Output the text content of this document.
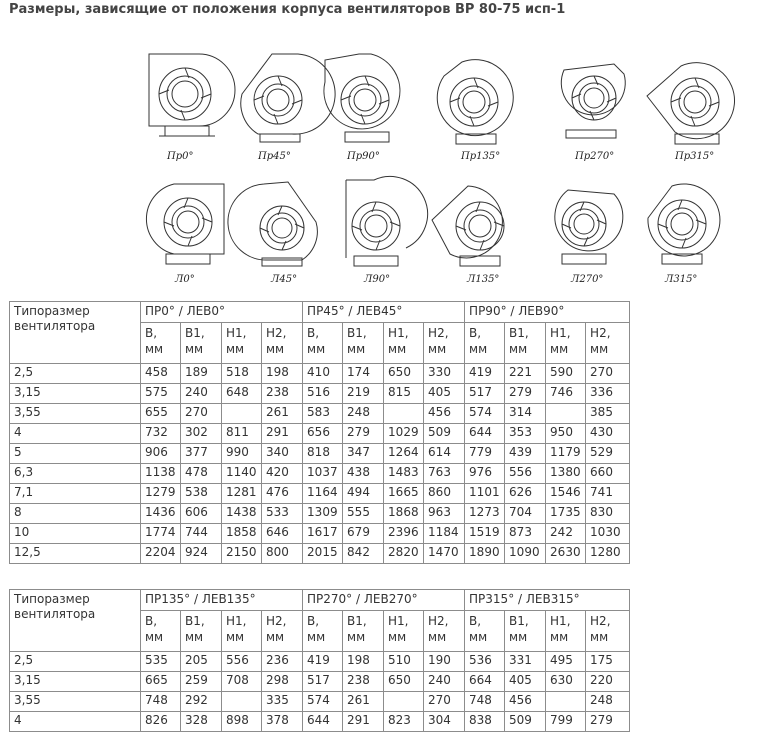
Размеры, зависящие от положения корпуса вентиляторов ВР 80-75 исп-1
Пр0°	Пр45°	Пр90°	Пр135°	Пр270°	Пр315°
Л0°	Л45°	Л90°	Л135°	Л270°	Л315°
Типоразмер вентилятора	ПР0° / ЛЕВ0°				ПР45° / ЛЕВ45°				ПР90° / ЛЕВ90°			
	B, мм	B1, мм	H1, мм	H2, мм	B, мм	B1, мм	H1, мм	H2, мм	B, мм	B1, мм	H1, мм	H2, мм
2,5	458	189	518	198	410	174	650	330	419	221	590	270
3,15	575	240	648	238	516	219	815	405	517	279	746	336
3,55	655	270		261	583	248		456	574	314		385
4	732	302	811	291	656	279	1029	509	644	353	950	430
5	906	377	990	340	818	347	1264	614	779	439	1179	529
6,3	1138	478	1140	420	1037	438	1483	763	976	556	1380	660
7,1	1279	538	1281	476	1164	494	1665	860	1101	626	1546	741
8	1436	606	1438	533	1309	555	1868	963	1273	704	1735	830
10	1774	744	1858	646	1617	679	2396	1184	1519	873	242	1030
12,5	2204	924	2150	800	2015	842	2820	1470	1890	1090	2630	1280
Типоразмер вентилятора	ПР135° / ЛЕВ135°				ПР270° / ЛЕВ270°				ПР315° / ЛЕВ315°			
	B, мм	B1, мм	H1, мм	H2, мм	B, мм	B1, мм	H1, мм	H2, мм	B, мм	B1, мм	H1, мм	H2, мм
2,5	535	205	556	236	419	198	510	190	536	331	495	175
3,15	665	259	708	298	517	238	650	240	664	405	630	220
3,55	748	292		335	574	261		270	748	456		248
4	826	328	898	378	644	291	823	304	838	509	799	279
